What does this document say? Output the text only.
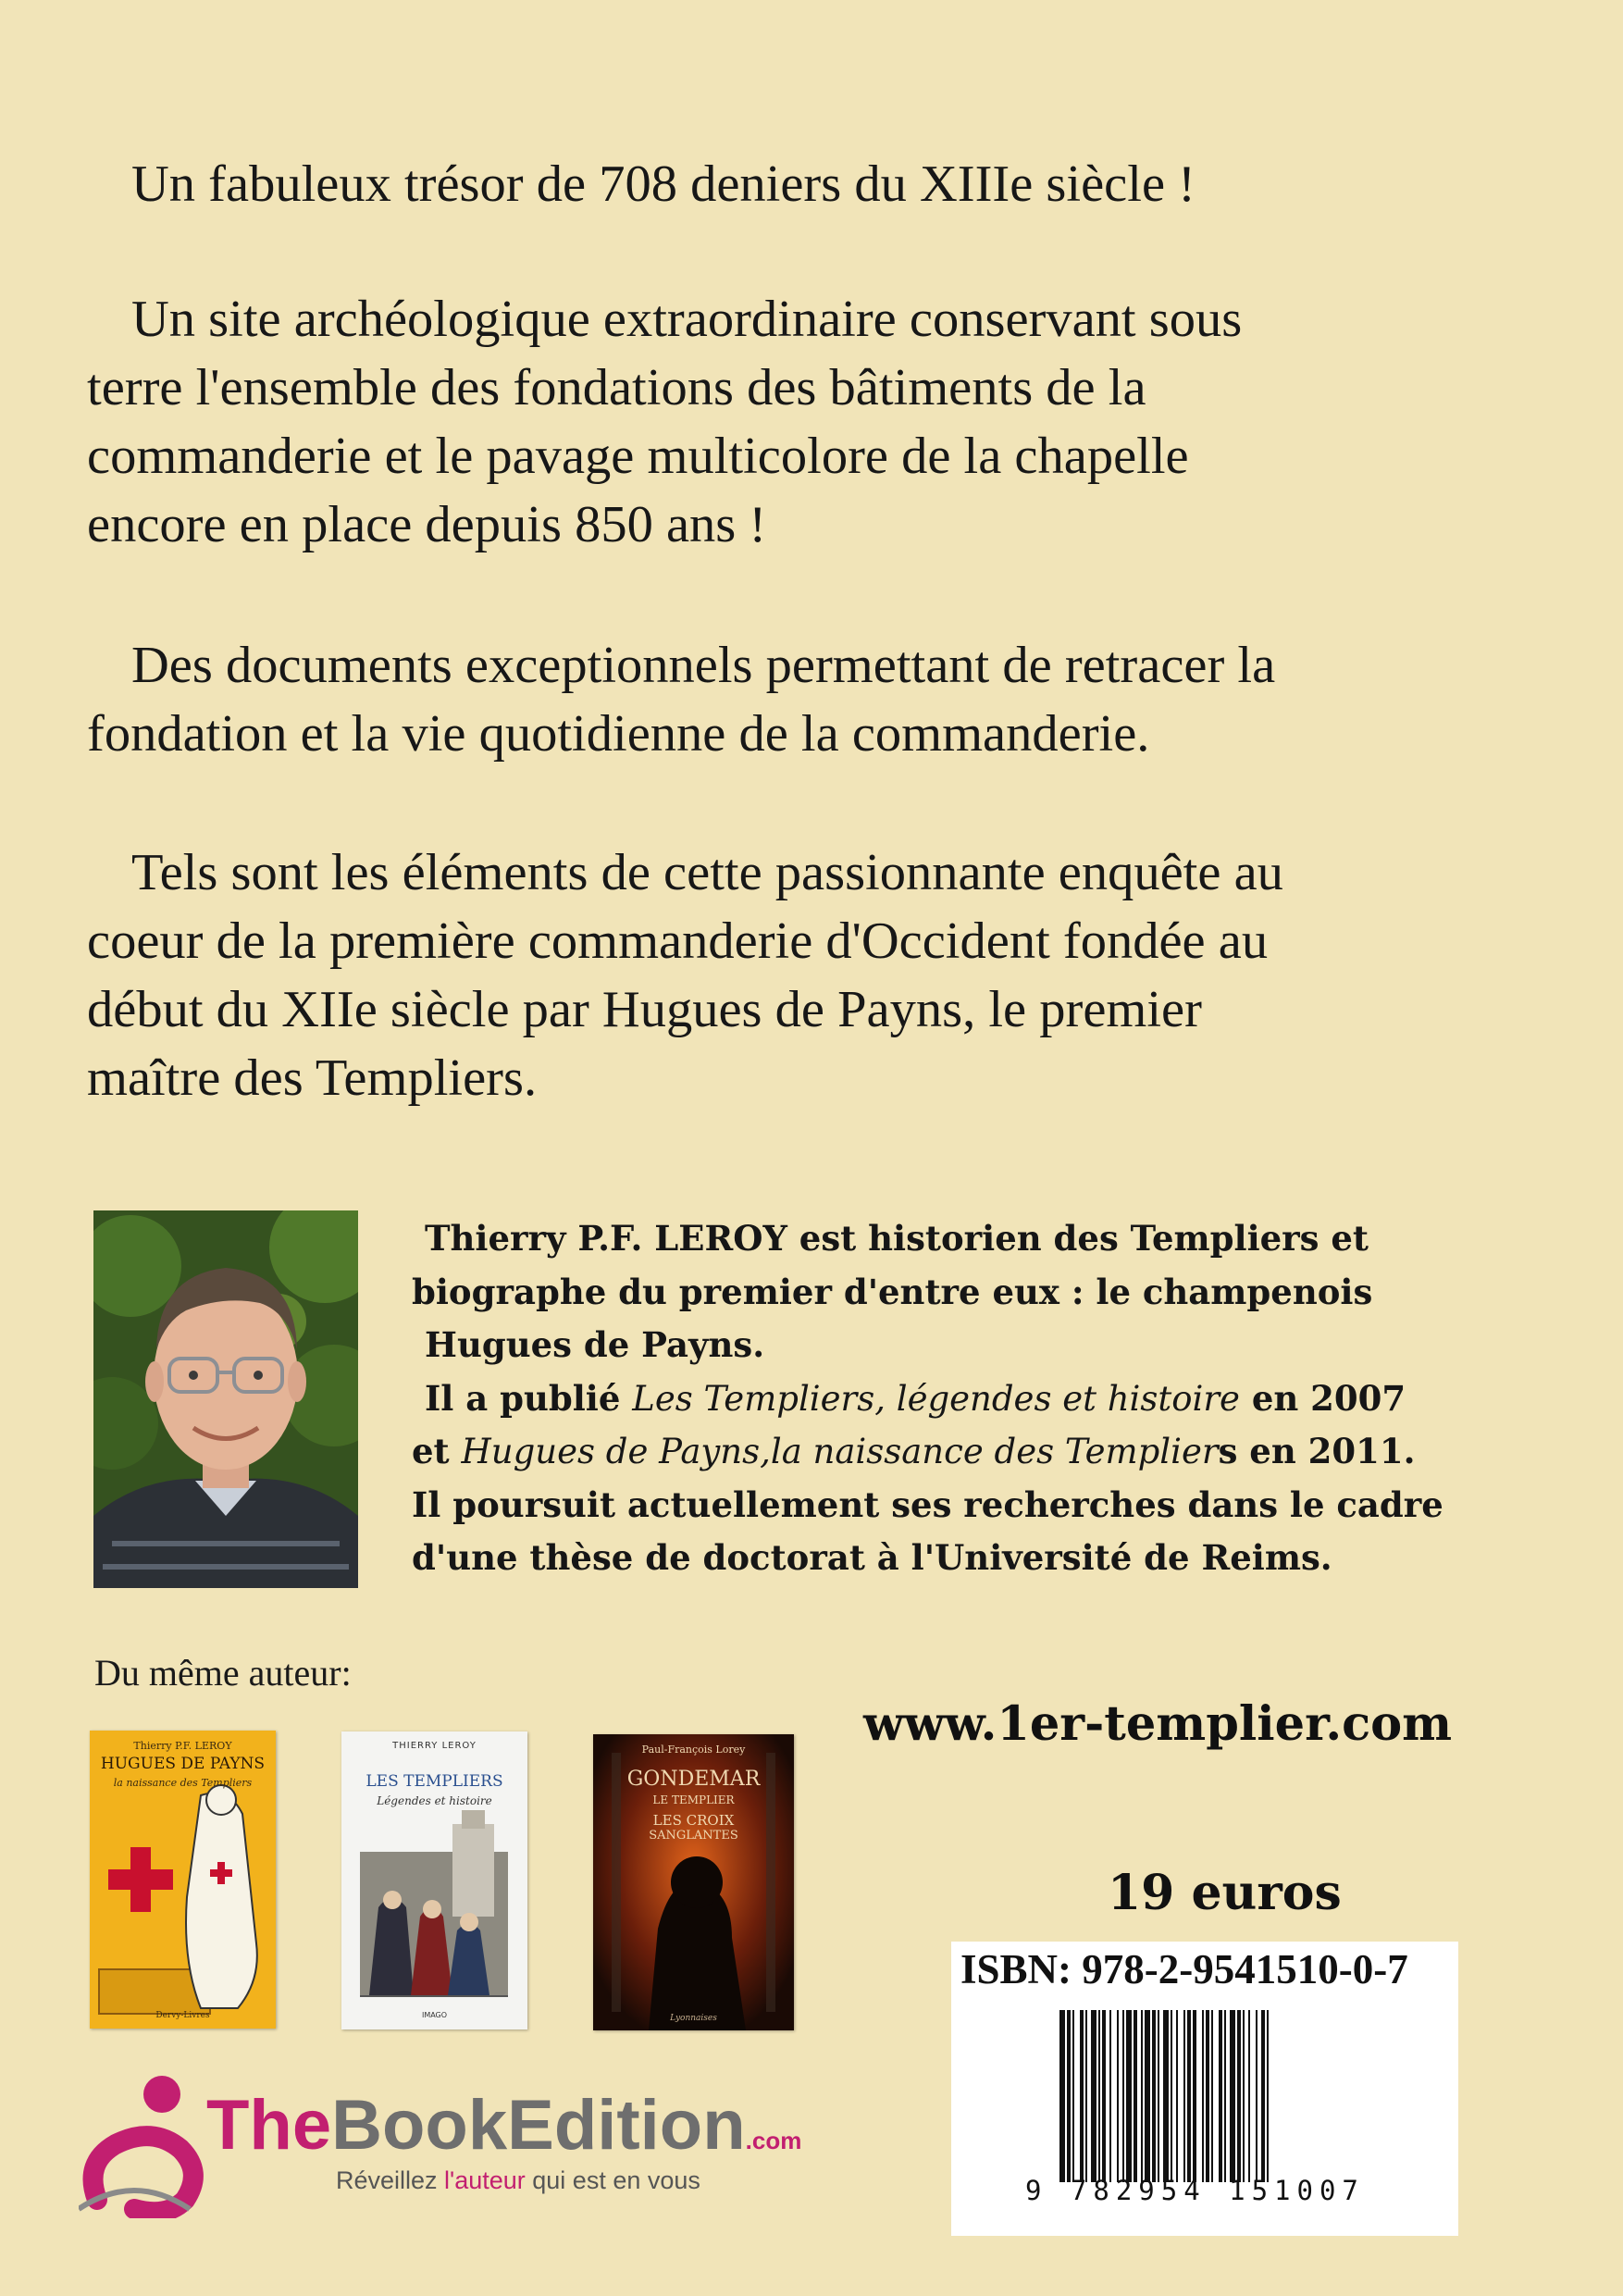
Un fabuleux trésor de 708 deniers du XIIIe siècle !
Un site archéologique extraordinaire conservant sous
terre l'ensemble des fondations des bâtiments de la
commanderie et le pavage multicolore de la chapelle
encore en place depuis 850 ans !
Des documents exceptionnels permettant de retracer la
fondation et la vie quotidienne de la commanderie.
Tels sont les éléments de cette passionnante enquête au
coeur de la première commanderie d'Occident fondée au
début du XIIe siècle par Hugues de Payns, le premier
maître des Templiers.
Thierry P.F. LEROY est historien des Templiers et
biographe du premier d'entre eux : le champenois
Hugues de Payns.
Il a publié Les Templiers, légendes et histoire en 2007
et Hugues de Payns,la naissance des Templiers en 2011.
Il poursuit actuellement ses recherches dans le cadre
d'une thèse de doctorat à l'Université de Reims.
Du même auteur:
Thierry P.F. LEROY
HUGUES DE PAYNS
la naissance des Templiers
Dervy-Livres
THIERRY LEROY
LES TEMPLIERS
Légendes et histoire
IMAGO
Paul-François Lorey
GONDEMAR
LE TEMPLIER
LES CROIX
SANGLANTES
Lyonnaises
www.1er-templier.com
19 euros
ISBN: 978-2-9541510-0-7
9 782954 151007
TheBookEdition.com
Réveillez l'auteur qui est en vous
